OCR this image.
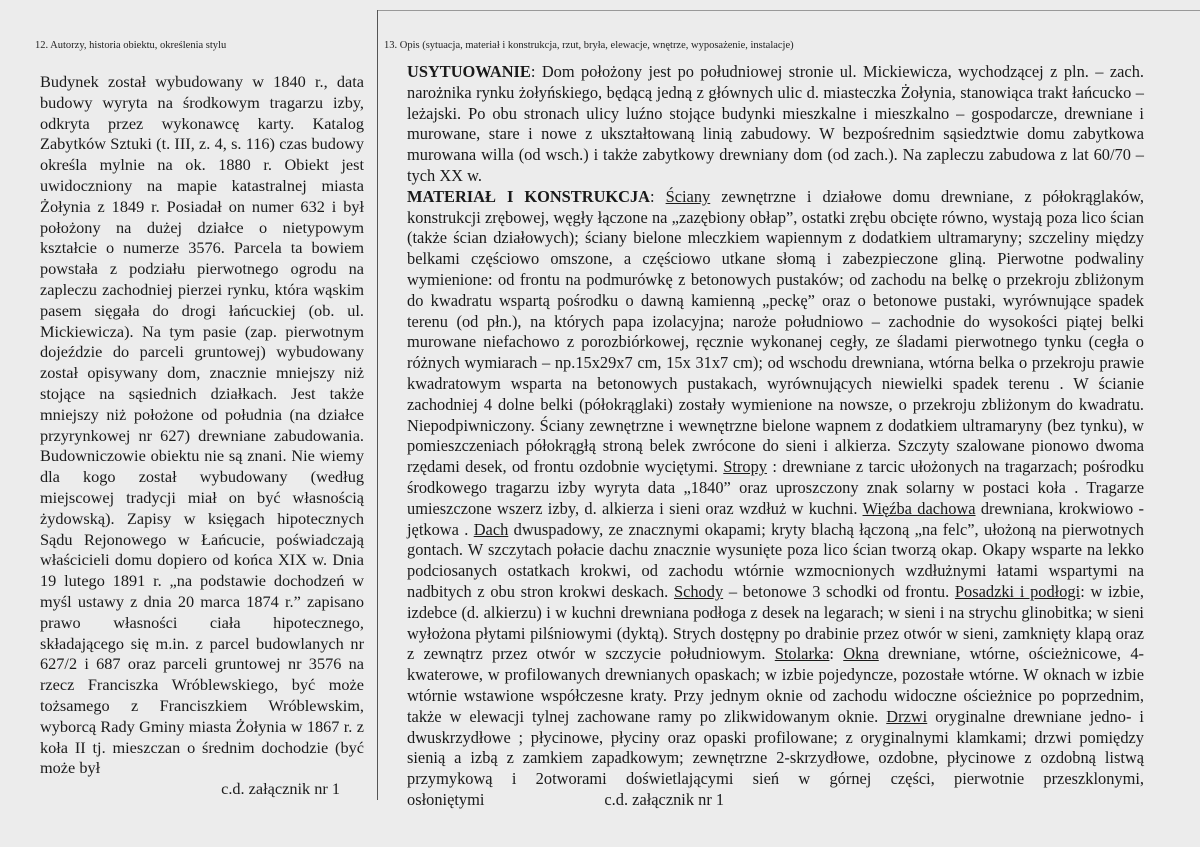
12. Autorzy, historia obiektu, określenia stylu	13. Opis (sytuacja, materiał i konstrukcja, rzut, bryła, elewacje, wnętrze, wyposażenie, instalacje)
Budynek został wybudowany w 1840 r., data budowy wyryta na środkowym tragarzu izby, odkryta przez wykonawcę karty. Katalog Zabytków Sztuki (t. III, z. 4, s. 116) czas budowy określa mylnie na ok. 1880 r. Obiekt jest uwidoczniony na mapie katastralnej miasta Żołynia z 1849 r. Posiadał on numer 632 i był położony na dużej działce o nietypowym kształcie o numerze 3576. Parcela ta bowiem powstała z podziału pierwotnego ogrodu na zapleczu zachodniej pierzei rynku, która wąskim pasem sięgała do drogi łańcuckiej (ob. ul. Mickiewicza). Na tym pasie (zap. pierwotnym dojeździe do parceli gruntowej) wybudowany został opisywany dom, znacznie mniejszy niż stojące na sąsiednich działkach. Jest także mniejszy niż położone od południa (na działce przyrynkowej nr 627) drewniane zabudowania. Budowniczowie obiektu nie są znani. Nie wiemy dla kogo został wybudowany (według miejscowej tradycji miał on być własnością żydowską). Zapisy w księgach hipotecznych Sądu Rejonowego w Łańcucie, poświadczają właścicieli domu dopiero od końca XIX w. Dnia 19 lutego 1891 r. „na podstawie dochodzeń w myśl ustawy z dnia 20 marca 1874 r.” zapisano prawo własności ciała hipotecznego, składającego się m.in. z parcel budowlanych nr 627/2 i 687 oraz parceli gruntowej nr 3576 na rzecz Franciszka Wróblewskiego, być może tożsamego z Franciszkiem Wróblewskim, wyborcą Rady Gminy miasta Żołynia w 1867 r. z koła II tj. mieszczan o średnim dochodzie (być może był
c.d. załącznik nr 1

USYTUOWANIE: Dom położony jest po południowej stronie ul. Mickiewicza, wychodzącej z pln. – zach. narożnika rynku żołyńskiego, będącą jedną z głównych ulic d. miasteczka Żołynia, stanowiąca trakt łańcucko – leżajski. Po obu stronach ulicy luźno stojące budynki mieszkalne i mieszkalno – gospodarcze, drewniane i murowane, stare i nowe z ukształtowaną linią zabudowy. W bezpośrednim sąsiedztwie domu zabytkowa murowana willa (od wsch.) i także zabytkowy drewniany dom (od zach.). Na zapleczu zabudowa z lat 60/70 –tych XX w.

MATERIAŁ I KONSTRUKCJA: Ściany zewnętrzne i działowe domu drewniane, z półokrąglaków, konstrukcji zrębowej, węgły łączone na „zazębiony obłap”, ostatki zrębu obcięte równo, wystają poza lico ścian (także ścian działowych); ściany bielone mleczkiem wapiennym z dodatkiem ultramaryny; szczeliny między belkami częściowo omszone, a częściowo utkane słomą i zabezpieczone gliną. Pierwotne podwaliny wymienione: od frontu na podmurówkę z betonowych pustaków; od zachodu na belkę o przekroju zbliżonym do kwadratu wspartą pośrodku o dawną kamienną „peckę” oraz o betonowe pustaki, wyrównujące spadek terenu (od płn.), na których papa izolacyjna; naroże południowo – zachodnie do wysokości piątej belki murowane niefachowo z porozbiórkowej, ręcznie wykonanej cegły, ze śladami pierwotnego tynku (cegła o różnych wymiarach – np.15x29x7 cm, 15x 31x7 cm); od wschodu drewniana, wtórna belka o przekroju prawie kwadratowym wsparta na betonowych pustakach, wyrównujących niewielki spadek terenu . W ścianie zachodniej 4 dolne belki (półokrąglaki) zostały wymienione na nowsze, o przekroju zbliżonym do kwadratu. Niepodpiwniczony. Ściany zewnętrzne i wewnętrzne bielone wapnem z dodatkiem ultramaryny (bez tynku), w pomieszczeniach półokrągłą stroną belek zwrócone do sieni i alkierza. Szczyty szalowane pionowo dwoma rzędami desek, od frontu ozdobnie wyciętymi. Stropy : drewniane z tarcic ułożonych na tragarzach; pośrodku środkowego tragarzu izby wyryta data „1840” oraz uproszczony znak solarny w postaci koła . Tragarze umieszczone wszerz izby, d. alkierza i sieni oraz wzdłuż w kuchni. Więźba dachowa drewniana, krokwiowo - jętkowa . Dach dwuspadowy, ze znacznymi okapami; kryty blachą łączoną „na felc”, ułożoną na pierwotnych gontach. W szczytach połacie dachu znacznie wysunięte poza lico ścian tworzą okap. Okapy wsparte na lekko podciosanych ostatkach krokwi, od zachodu wtórnie wzmocnionych wzdłużnymi łatami wspartymi na nadbitych z obu stron krokwi deskach. Schody – betonowe 3 schodki od frontu. Posadzki i podłogi: w izbie, izdebce (d. alkierzu) i w kuchni drewniana podłoga z desek na legarach; w sieni i na strychu glinobitka; w sieni wyłożona płytami pilśniowymi (dyktą). Strych dostępny po drabinie przez otwór w sieni, zamknięty klapą oraz z zewnątrz przez otwór w szczycie południowym. Stolarka: Okna drewniane, wtórne, ościeżnicowe, 4-kwaterowe, w profilowanych drewnianych opaskach; w izbie pojedyncze, pozostałe wtórne. W oknach w izbie wtórnie wstawione współczesne kraty. Przy jednym oknie od zachodu widoczne ościeżnice po poprzednim, także w elewacji tylnej zachowane ramy po zlikwidowanym oknie. Drzwi oryginalne drewniane jedno- i dwuskrzydłowe ; płycinowe, płyciny oraz opaski profilowane; z oryginalnymi klamkami; drzwi pomiędzy sienią a izbą z zamkiem zapadkowym; zewnętrzne 2-skrzydłowe, ozdobne, płycinowe z ozdobną listwą przymykową i 2otworami doświetlającymi sień w górnej części, pierwotnie przeszklonymi, osłoniętymi	c.d. załącznik nr 1
